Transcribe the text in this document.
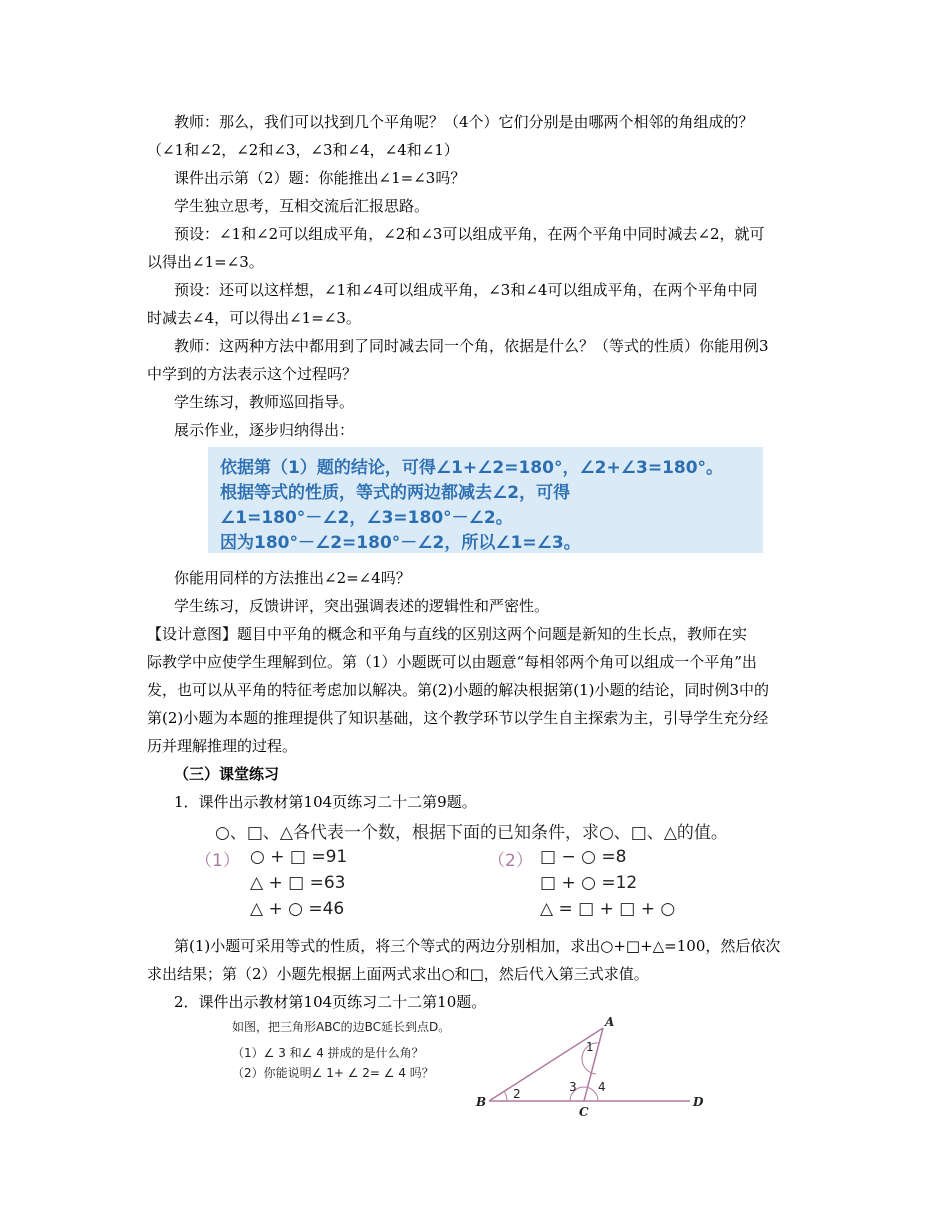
教师：那么，我们可以找到几个平角呢？（4个）它们分别是由哪两个相邻的角组成的？
（∠1和∠2，∠2和∠3，∠3和∠4，∠4和∠1）
课件出示第（2）题：你能推出∠1=∠3吗？
学生独立思考，互相交流后汇报思路。
预设：∠1和∠2可以组成平角，∠2和∠3可以组成平角，在两个平角中同时减去∠2，就可
以得出∠1=∠3。
预设：还可以这样想，∠1和∠4可以组成平角，∠3和∠4可以组成平角，在两个平角中同
时减去∠4，可以得出∠1=∠3。
教师：这两种方法中都用到了同时减去同一个角，依据是什么？（等式的性质）你能用例3
中学到的方法表示这个过程吗？
学生练习，教师巡回指导。
展示作业，逐步归纳得出：
依据第（1）题的结论，可得∠1+∠2=180°，∠2+∠3=180°。
根据等式的性质，等式的两边都减去∠2，可得
∠1=180°－∠2，∠3=180°－∠2。
因为180°－∠2=180°－∠2，所以∠1=∠3。
你能用同样的方法推出∠2=∠4吗？
学生练习，反馈讲评，突出强调表述的逻辑性和严密性。
【设计意图】题目中平角的概念和平角与直线的区别这两个问题是新知的生长点，教师在实
际教学中应使学生理解到位。第（1）小题既可以由题意“每相邻两个角可以组成一个平角”出
发，也可以从平角的特征考虑加以解决。第(2)小题的解决根据第(1)小题的结论，同时例3中的
第(2)小题为本题的推理提供了知识基础，这个教学环节以学生自主探索为主，引导学生充分经
历并理解推理的过程。
（三）课堂练习
1．课件出示教材第104页练习二十二第9题。
○、□、△各代表一个数，根据下面的已知条件，求○、□、△的值。
（1） ○ + □ =91
△ + □ =63
△ + ○ =46
（2） □ − ○ =8
□ + ○ =12
△ = □ + □ + ○
第(1)小题可采用等式的性质，将三个等式的两边分别相加，求出○+□+△=100，然后依次
求出结果；第（2）小题先根据上面两式求出○和□，然后代入第三式求值。
2．课件出示教材第104页练习二十二第10题。
如图，把三角形ABC的边BC延长到点D。
（1）∠ 3 和∠ 4 拼成的是什么角？
（2）你能说明∠ 1+ ∠ 2= ∠ 4 吗？
A
B
C
D
1
2	3 4
